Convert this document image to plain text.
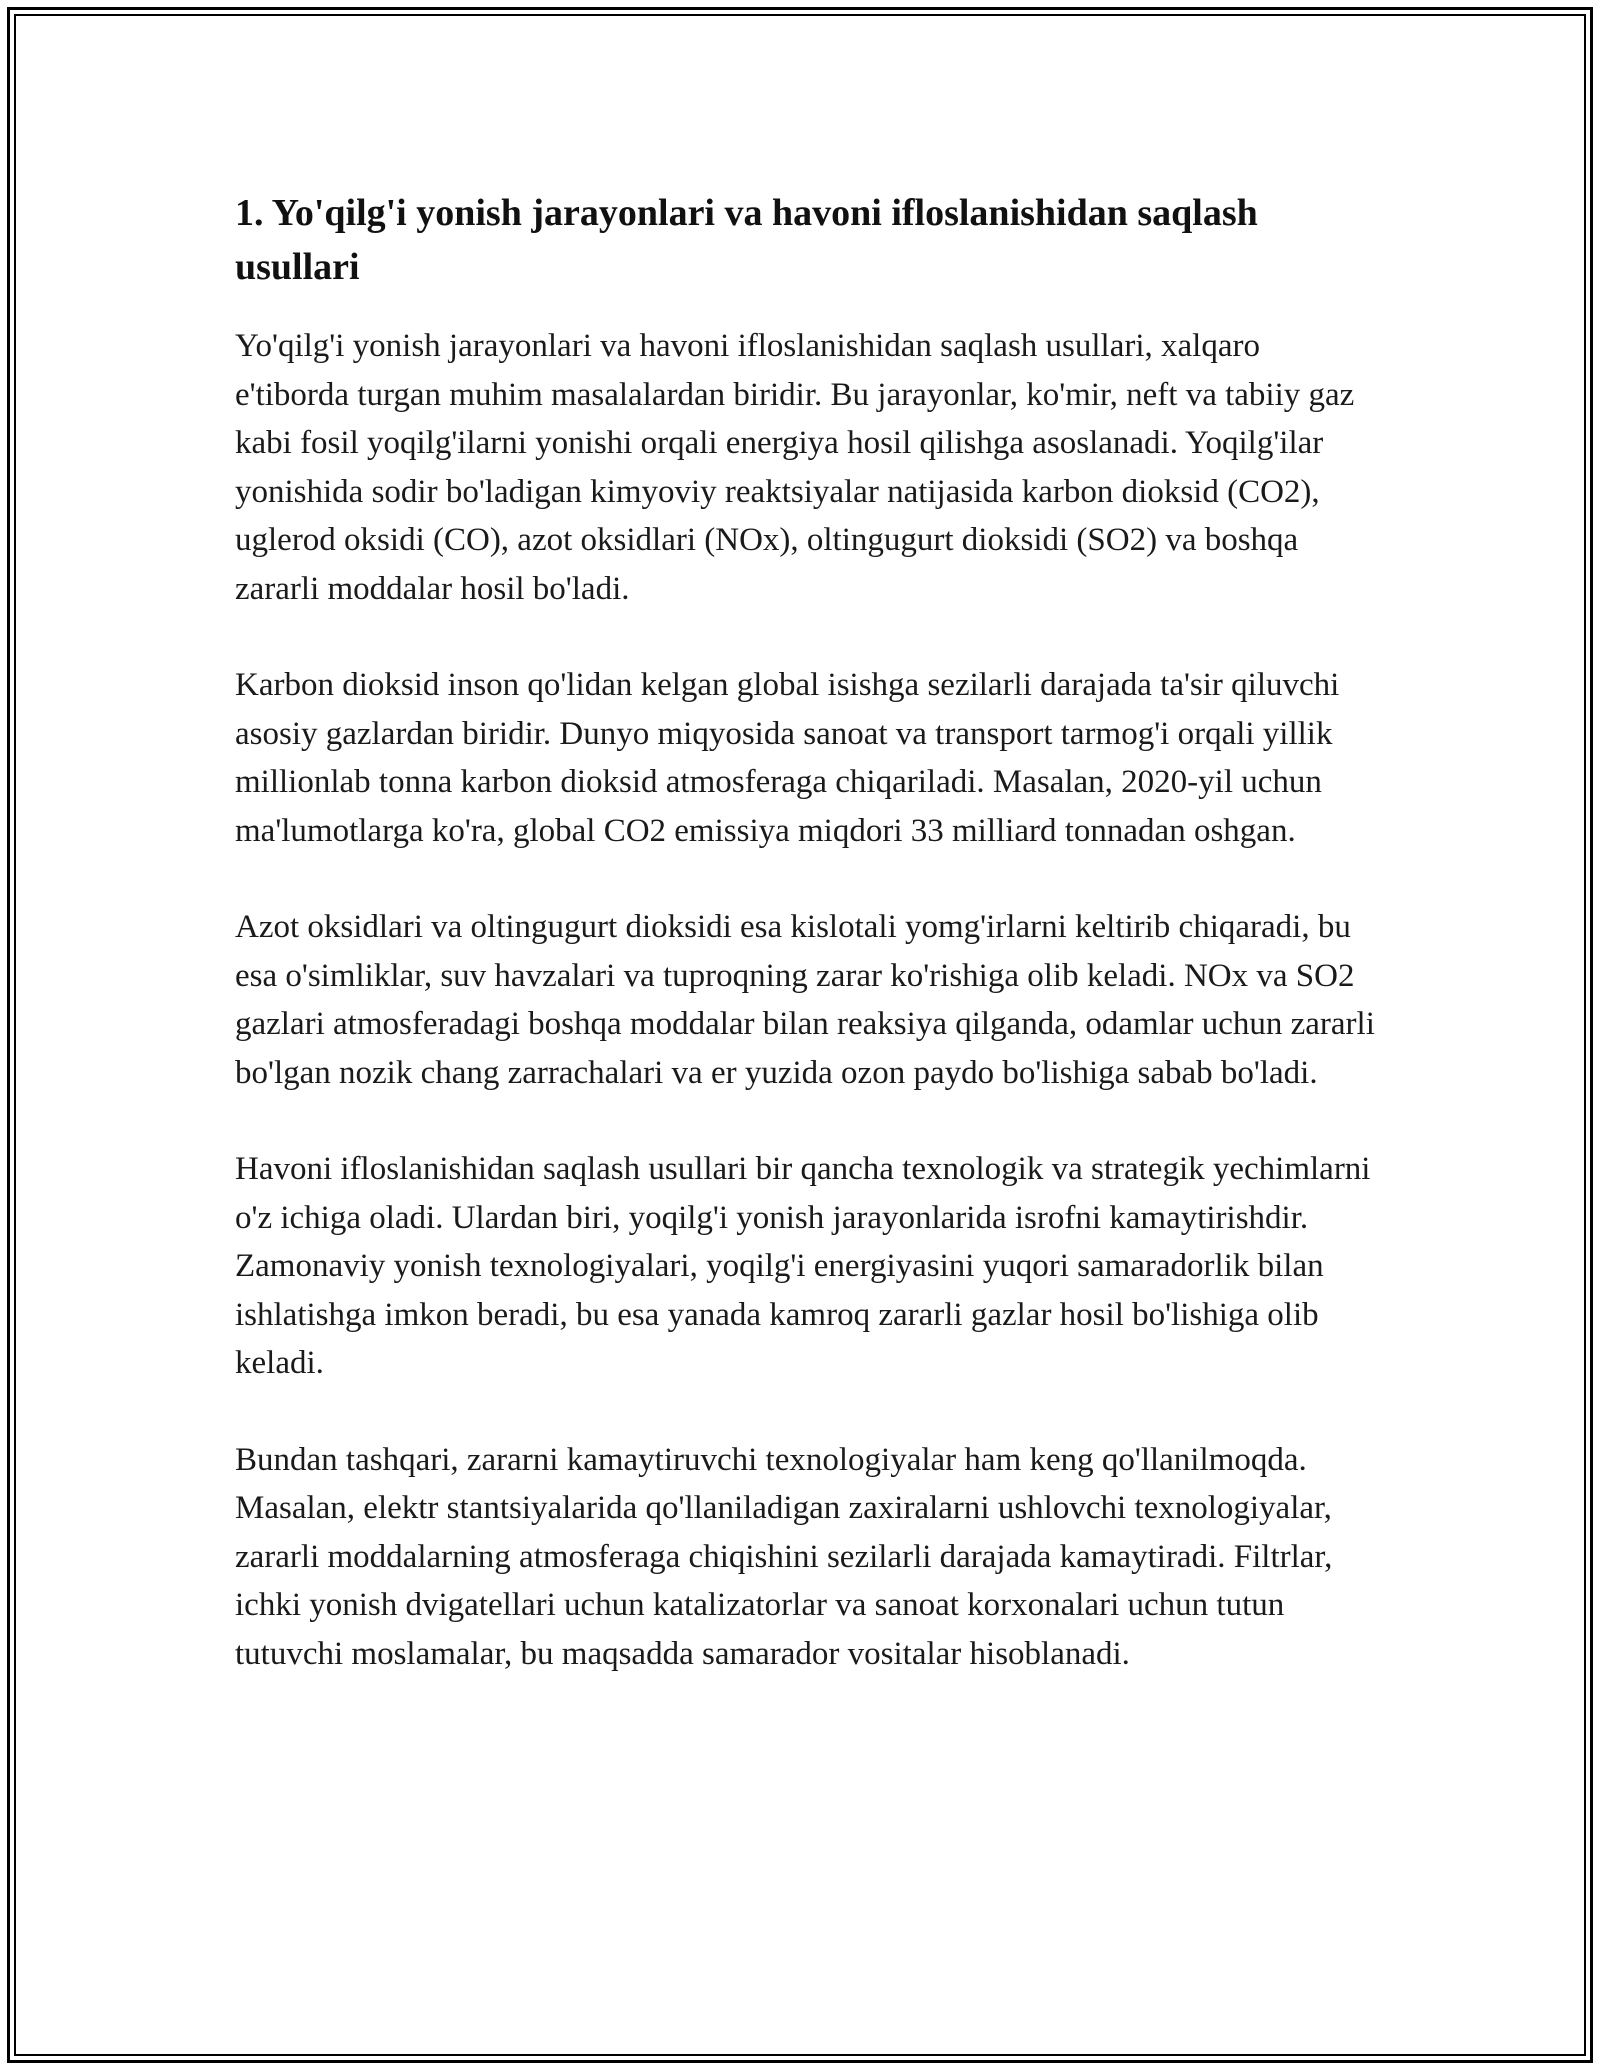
1. Yo'qilg'i yonish jarayonlari va havoni ifloslanishidan saqlash usullari

Yo'qilg'i yonish jarayonlari va havoni ifloslanishidan saqlash usullari, xalqaro e'tiborda turgan muhim masalalardan biridir. Bu jarayonlar, ko'mir, neft va tabiiy gaz kabi fosil yoqilg'ilarni yonishi orqali energiya hosil qilishga asoslanadi. Yoqilg'ilar yonishida sodir bo'ladigan kimyoviy reaktsiyalar natijasida karbon dioksid (CO2), uglerod oksidi (CO), azot oksidlari (NOx), oltingugurt dioksidi (SO2) va boshqa zararli moddalar hosil bo'ladi.

Karbon dioksid inson qo'lidan kelgan global isishga sezilarli darajada ta'sir qiluvchi asosiy gazlardan biridir. Dunyo miqyosida sanoat va transport tarmog'i orqali yillik millionlab tonna karbon dioksid atmosferaga chiqariladi. Masalan, 2020-yil uchun ma'lumotlarga ko'ra, global CO2 emissiya miqdori 33 milliard tonnadan oshgan.

Azot oksidlari va oltingugurt dioksidi esa kislotali yomg'irlarni keltirib chiqaradi, bu esa o'simliklar, suv havzalari va tuproqning zarar ko'rishiga olib keladi. NOx va SO2 gazlari atmosferadagi boshqa moddalar bilan reaksiya qilganda, odamlar uchun zararli bo'lgan nozik chang zarrachalari va er yuzida ozon paydo bo'lishiga sabab bo'ladi.

Havoni ifloslanishidan saqlash usullari bir qancha texnologik va strategik yechimlarni o'z ichiga oladi. Ulardan biri, yoqilg'i yonish jarayonlarida isrofni kamaytirishdir. Zamonaviy yonish texnologiyalari, yoqilg'i energiyasini yuqori samaradorlik bilan ishlatishga imkon beradi, bu esa yanada kamroq zararli gazlar hosil bo'lishiga olib keladi.

Bundan tashqari, zararni kamaytiruvchi texnologiyalar ham keng qo'llanilmoqda. Masalan, elektr stantsiyalarida qo'llaniladigan zaxiralarni ushlovchi texnologiyalar, zararli moddalarning atmosferaga chiqishini sezilarli darajada kamaytiradi. Filtrlar, ichki yonish dvigatellari uchun katalizatorlar va sanoat korxonalari uchun tutun tutuvchi moslamalar, bu maqsadda samarador vositalar hisoblanadi.
